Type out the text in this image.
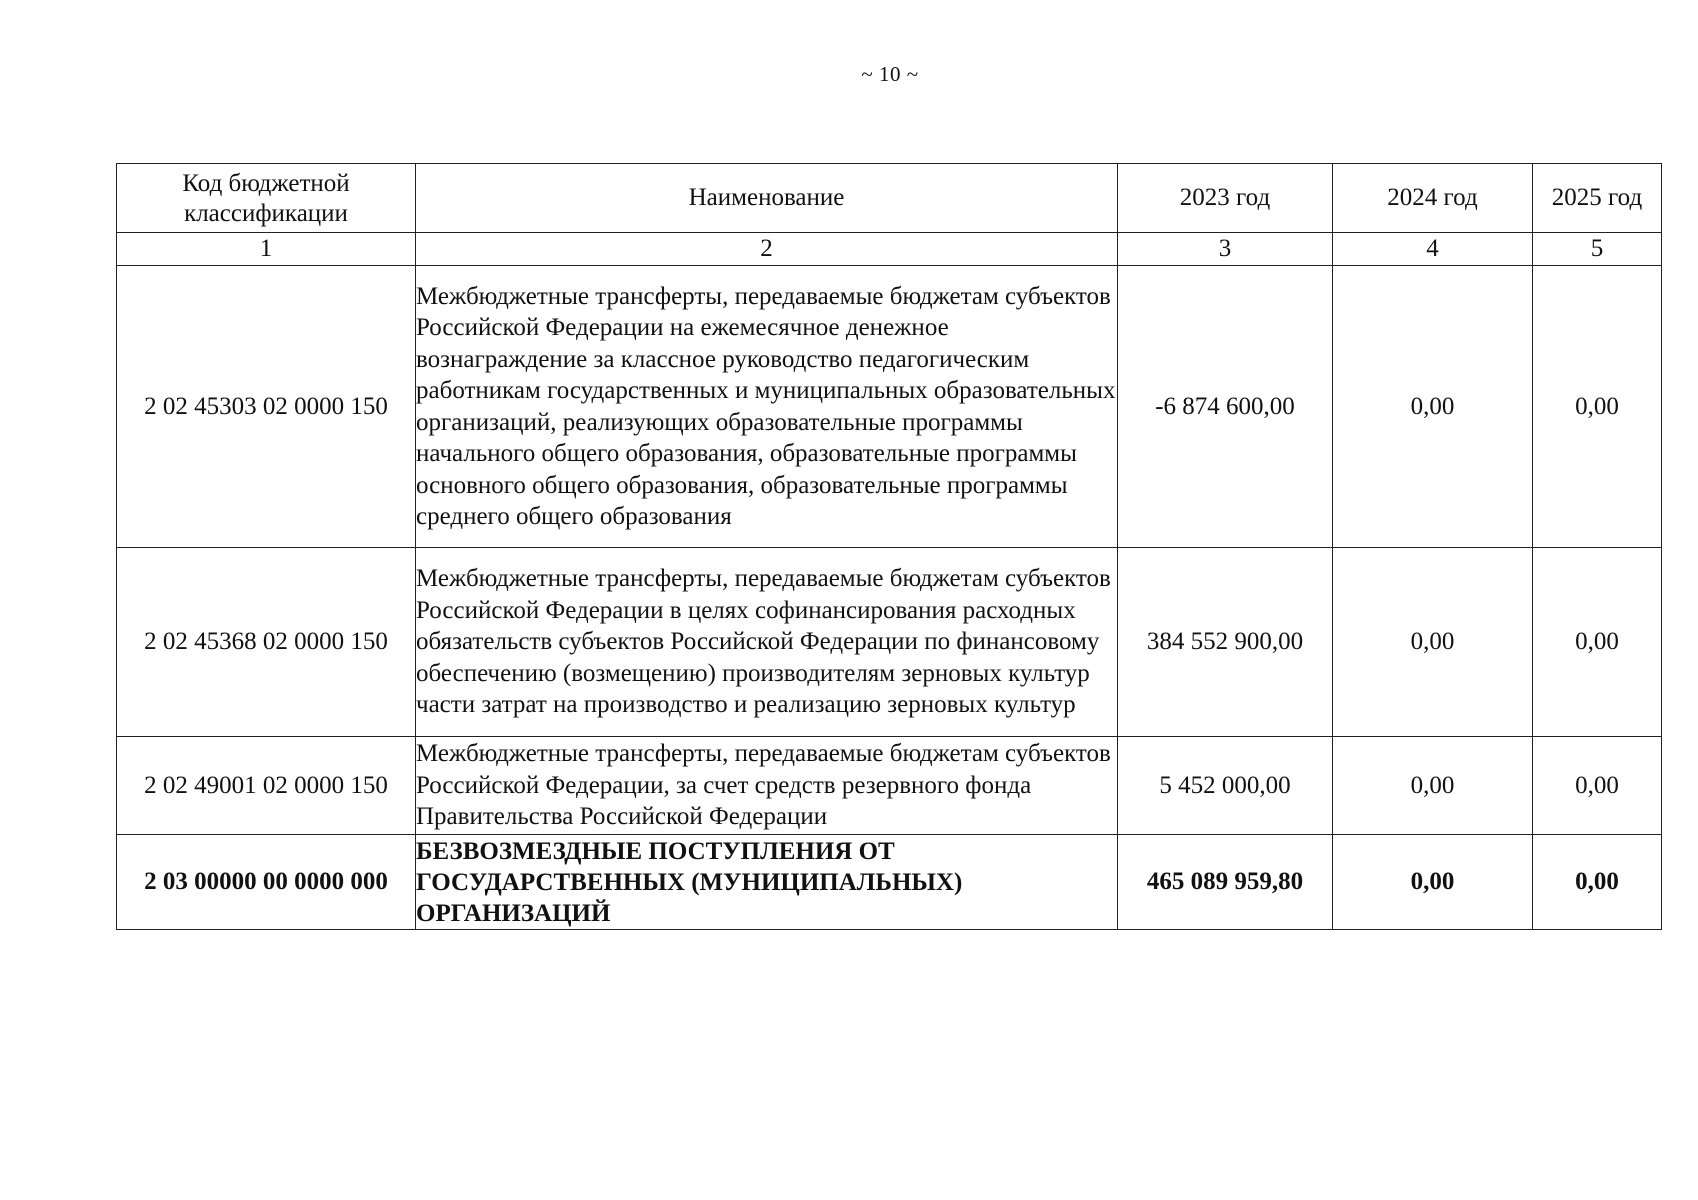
~ 10 ~
Код бюджетной классификации	Наименование	2023 год	2024 год	2025 год
1	2	3	4	5
2 02 45303 02 0000 150	Межбюджетные трансферты, передаваемые бюджетам субъектов Российской Федерации на ежемесячное денежное вознаграждение за классное руководство педагогическим работникам государственных и муниципальных образовательных организаций, реализующих образовательные программы начального общего образования, образовательные программы основного общего образования, образовательные программы среднего общего образования	-6 874 600,00	0,00	0,00
2 02 45368 02 0000 150	Межбюджетные трансферты, передаваемые бюджетам субъектов Российской Федерации в целях софинансирования расходных обязательств субъектов Российской Федерации по финансовому обеспечению (возмещению) производителям зерновых культур части затрат на производство и реализацию зерновых культур	384 552 900,00	0,00	0,00
2 02 49001 02 0000 150	Межбюджетные трансферты, передаваемые бюджетам субъектов Российской Федерации, за счет средств резервного фонда Правительства Российской Федерации	5 452 000,00	0,00	0,00
2 03 00000 00 0000 000	БЕЗВОЗМЕЗДНЫЕ ПОСТУПЛЕНИЯ ОТ ГОСУДАРСТВЕННЫХ (МУНИЦИПАЛЬНЫХ) ОРГАНИЗАЦИЙ	465 089 959,80	0,00	0,00
